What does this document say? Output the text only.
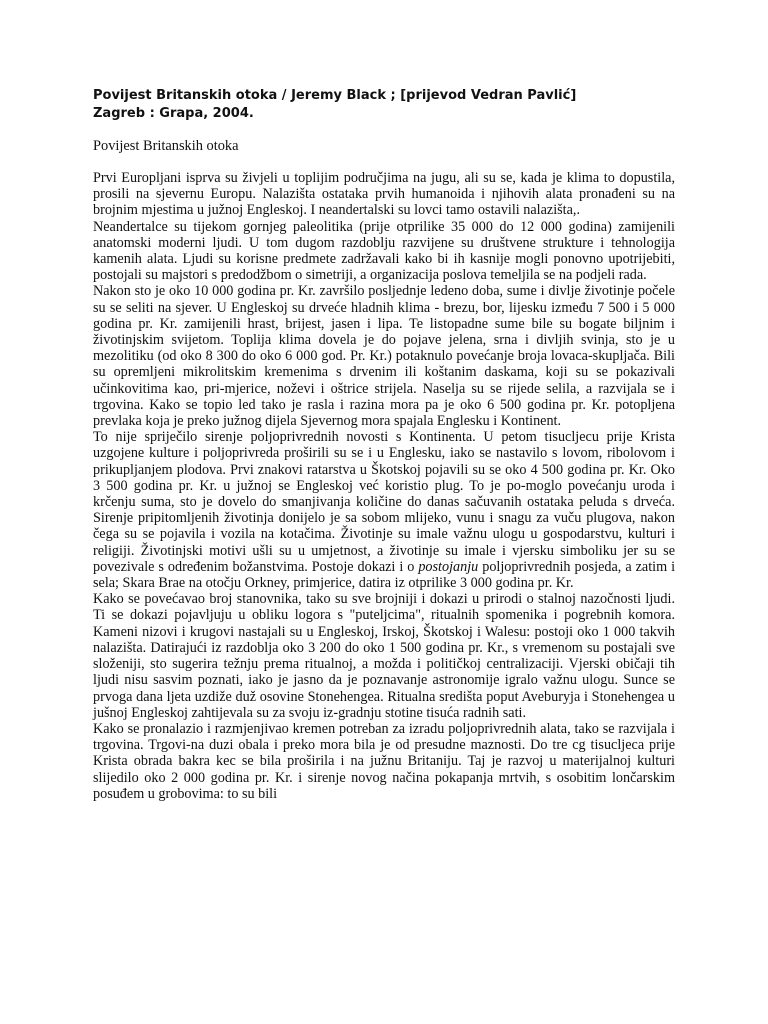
Povijest Britanskih otoka / Jeremy Black ; [prijevod Vedran Pavlić]

Zagreb : Grapa, 2004.

Povijest Britanskih otoka

Prvi Europljani isprva su živjeli u toplijim područjima na jugu, ali su se, kada je klima to dopustila, prosili na sjevernu Europu. Nalazišta ostataka prvih humanoida i njihovih alata pronađeni su na brojnim mjestima u južnoj Engleskoj. I neandertalski su lovci tamo ostavili nalazišta,.

Neandertalce su tijekom gornjeg paleolitika (prije otprilike 35 000 do 12 000 godina) zamijenili anatomski moderni ljudi. U tom dugom razdoblju razvijene su društvene strukture i tehnologija kamenih alata. Ljudi su korisne predmete zadržavali kako bi ih kasnije mogli ponovno upotrijebiti, postojali su majstori s predodžbom o simetriji, a organizacija poslova temeljila se na podjeli rada.

Nakon sto je oko 10 000 godina pr. Kr. završilo posljednje ledeno doba, sume i divlje životinje počele su se seliti na sjever. U Engleskoj su drveće hladnih klima - brezu, bor, lijesku između 7 500 i 5 000 godina pr. Kr. zamijenili hrast, brijest, jasen i lipa. Te listopadne sume bile su bogate biljnim i životinjskim svijetom. Toplija klima dovela je do pojave jelena, srna i divljih svinja, sto je u mezolitiku (od oko 8 300 do oko 6 000 god. Pr. Kr.) potaknulo povećanje broja lovaca-skupljača. Bili su opremljeni mikrolitskim kremenima s drvenim ili koštanim daskama, koji su se pokazivali učinkovitima kao, pri-mjerice, noževi i oštrice strijela. Naselja su se rijede selila, a razvijala se i trgovina. Kako se topio led tako je rasla i razina mora pa je oko 6 500 godina pr. Kr. potopljena prevlaka koja je preko južnog dijela Sjevernog mora spajala Englesku i Kontinent.

To nije spriječilo sirenje poljoprivrednih novosti s Kontinenta. U petom tisucljecu prije Krista uzgojene kulture i poljoprivreda proširili su se i u Englesku, iako se nastavilo s lovom, ribolovom i prikupljanjem plodova. Prvi znakovi ratarstva u Škotskoj pojavili su se oko 4 500 godina pr. Kr. Oko 3 500 godina pr. Kr. u južnoj se Engleskoj već koristio plug. To je po-moglo povećanju uroda i krčenju suma, sto je dovelo do smanjivanja količine do danas sačuvanih ostataka peluda s drveća. Sirenje pripitomljenih životinja donijelo je sa sobom mlijeko, vunu i snagu za vuču plugova, nakon čega su se pojavila i vozila na kotačima. Životinje su imale važnu ulogu u gospodarstvu, kulturi i religiji. Životinjski motivi ušli su u umjetnost, a životinje su imale i vjersku simboliku jer su se povezivale s određenim božanstvima. Postoje dokazi i o postojanju poljoprivrednih posjeda, a zatim i sela; Skara Brae na otočju Orkney, primjerice, datira iz otprilike 3 000 godina pr. Kr.

Kako se povećavao broj stanovnika, tako su sve brojniji i dokazi u prirodi o stalnoj nazočnosti ljudi. Ti se dokazi pojavljuju u obliku logora s "puteljcima", ritualnih spomenika i pogrebnih komora. Kameni nizovi i krugovi nastajali su u Engleskoj, Irskoj, Škotskoj i Walesu: postoji oko 1 000 takvih nalazišta. Datirajući iz razdoblja oko 3 200 do oko 1 500 godina pr. Kr., s vremenom su postajali sve složeniji, sto sugerira težnju prema ritualnoj, a možda i političkoj centralizaciji. Vjerski običaji tih ljudi nisu sasvim poznati, iako je jasno da je poznavanje astronomije igralo važnu ulogu. Sunce se prvoga dana ljeta uzdiže duž osovine Stonehengea. Ritualna središta poput Aveburyja i Stonehengea u jušnoj Engleskoj zahtijevala su za svoju iz-gradnju stotine tisuća radnih sati.

Kako se pronalazio i razmjenjivao kremen potreban za izradu poljoprivrednih alata, tako se razvijala i trgovina. Trgovi-na duzi obala i preko mora bila je od presudne maznosti. Do tre cg tisucljeca prije Krista obrada bakra kec se bila proširila i na južnu Britaniju. Taj je razvoj u materijalnoj kulturi slijedilo oko 2 000 godina pr. Kr. i sirenje novog načina pokapanja mrtvih, s osobitim lončarskim posuđem u grobovima: to su bili
